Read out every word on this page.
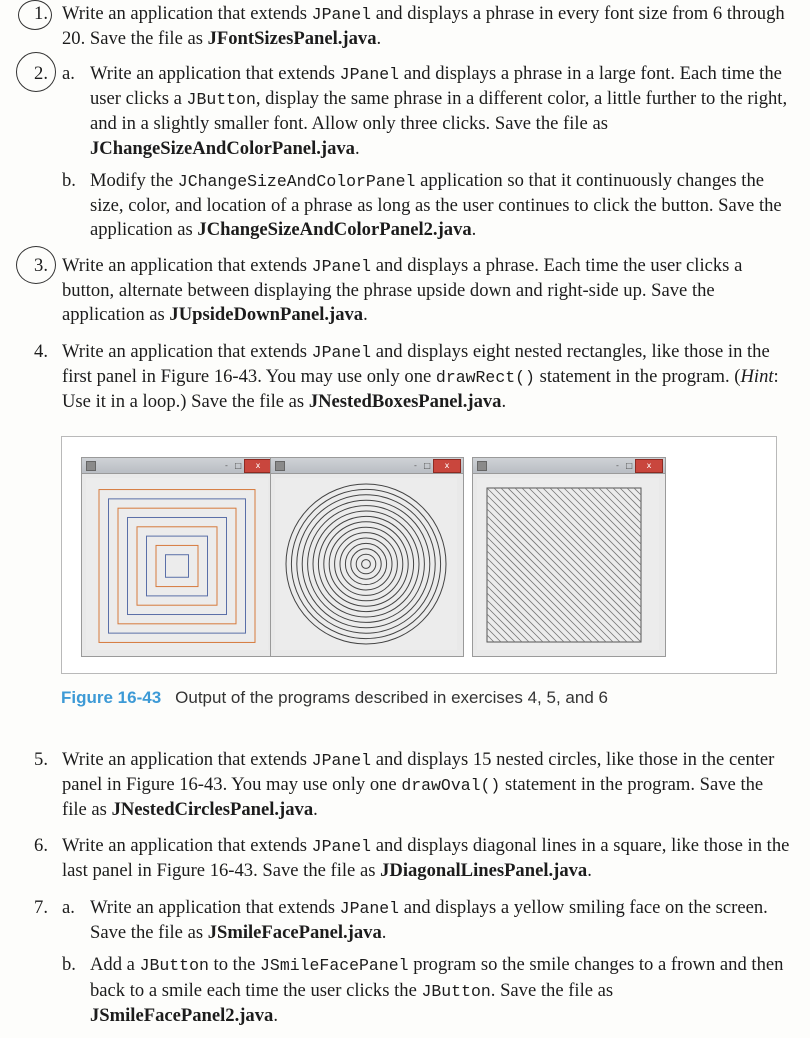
1. Write an application that extends JPanel and displays a phrase in every font size from 6 through 20. Save the file as JFontSizesPanel.java.
2. a. Write an application that extends JPanel and displays a phrase in a large font. Each time the user clicks a JButton, display the same phrase in a different color, a little further to the right, and in a slightly smaller font. Allow only three clicks. Save the file as JChangeSizeAndColorPanel.java.
b. Modify the JChangeSizeAndColorPanel application so that it continuously changes the size, color, and location of a phrase as long as the user continues to click the button. Save the application as JChangeSizeAndColorPanel2.java.
3. Write an application that extends JPanel and displays a phrase. Each time the user clicks a button, alternate between displaying the phrase upside down and right-side up. Save the application as JUpsideDownPanel.java.
4. Write an application that extends JPanel and displays eight nested rectangles, like those in the first panel in Figure 16-43. You may use only one drawRect() statement in the program. (Hint: Use it in a loop.) Save the file as JNestedBoxesPanel.java.
- □	x	- □	x	- □	x
Figure 16-43 Output of the programs described in exercises 4, 5, and 6
5. Write an application that extends JPanel and displays 15 nested circles, like those in the center panel in Figure 16-43. You may use only one drawOval() statement in the program. Save the file as JNestedCirclesPanel.java.
6. Write an application that extends JPanel and displays diagonal lines in a square, like those in the last panel in Figure 16-43. Save the file as JDiagonalLinesPanel.java.
7. a. Write an application that extends JPanel and displays a yellow smiling face on the screen. Save the file as JSmileFacePanel.java.
b. Add a JButton to the JSmileFacePanel program so the smile changes to a frown and then back to a smile each time the user clicks the JButton. Save the file as JSmileFacePanel2.java.
